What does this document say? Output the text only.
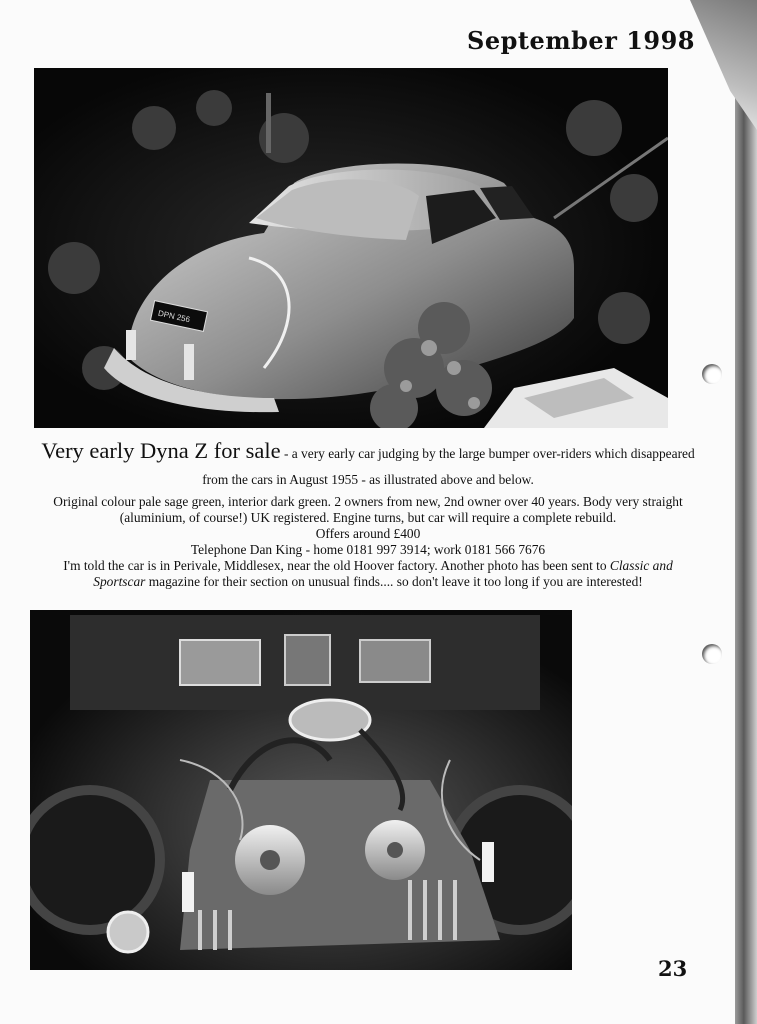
September 1998
DPN 256

Very early Dyna Z for sale - a very early car judging by the large bumper over-riders which disappeared from the cars in August 1955 - as illustrated above and below.

Original colour pale sage green, interior dark green. 2 owners from new, 2nd owner over 40 years. Body very straight (aluminium, of course!) UK registered. Engine turns, but car will require a complete rebuild.

Offers around £400

Telephone Dan King - home 0181 997 3914; work 0181 566 7676

I'm told the car is in Perivale, Middlesex, near the old Hoover factory. Another photo has been sent to Classic and Sportscar magazine for their section on unusual finds.... so don't leave it too long if you are interested!

23
